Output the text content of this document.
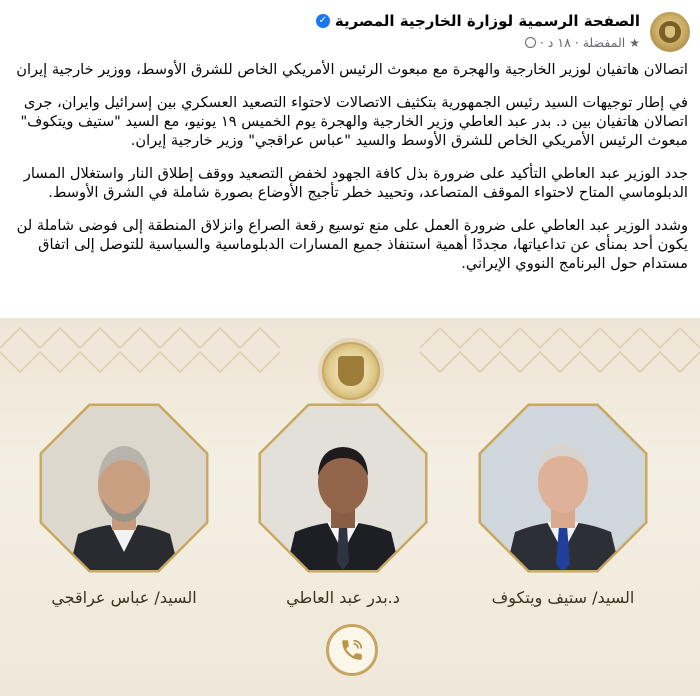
الصفحة الرسمية لوزارة الخارجية المصرية
✓
★
المفضلة · ١٨ د ·

اتصالان هاتفيان لوزير الخارجية والهجرة مع مبعوث الرئيس الأمريكي الخاص للشرق الأوسط، ووزير خارجية إيران

في إطار توجيهات السيد رئيس الجمهورية بتكثيف الاتصالات لاحتواء التصعيد العسكري بين إسرائيل وايران، جرى اتصالان هاتفيان بين د. بدر عبد العاطي وزير الخارجية والهجرة يوم الخميس ١٩ يونيو، مع السيد "ستيف ويتكوف" مبعوث الرئيس الأمريكي الخاص للشرق الأوسط والسيد "عباس عراقجي" وزير خارجية إيران.

جدد الوزير عبد العاطي التأكيد على ضرورة بذل كافة الجهود لخفض التصعيد ووقف إطلاق النار واستغلال المسار الدبلوماسي المتاح لاحتواء الموقف المتصاعد، وتحييد خطر تأجيج الأوضاع بصورة شاملة في الشرق الأوسط.

وشدد الوزير عبد العاطي على ضرورة العمل على منع توسيع رقعة الصراع وانزلاق المنطقة إلى فوضى شاملة لن يكون أحد بمنأى عن تداعياتها، مجددًا أهمية استنفاذ جميع المسارات الدبلوماسية والسياسية للتوصل إلى اتفاق مستدام حول البرنامج النووي الإيراني.

السيد/ عباس عراقجي	د.بدر عبد العاطي	السيد/ ستيف ويتكوف
